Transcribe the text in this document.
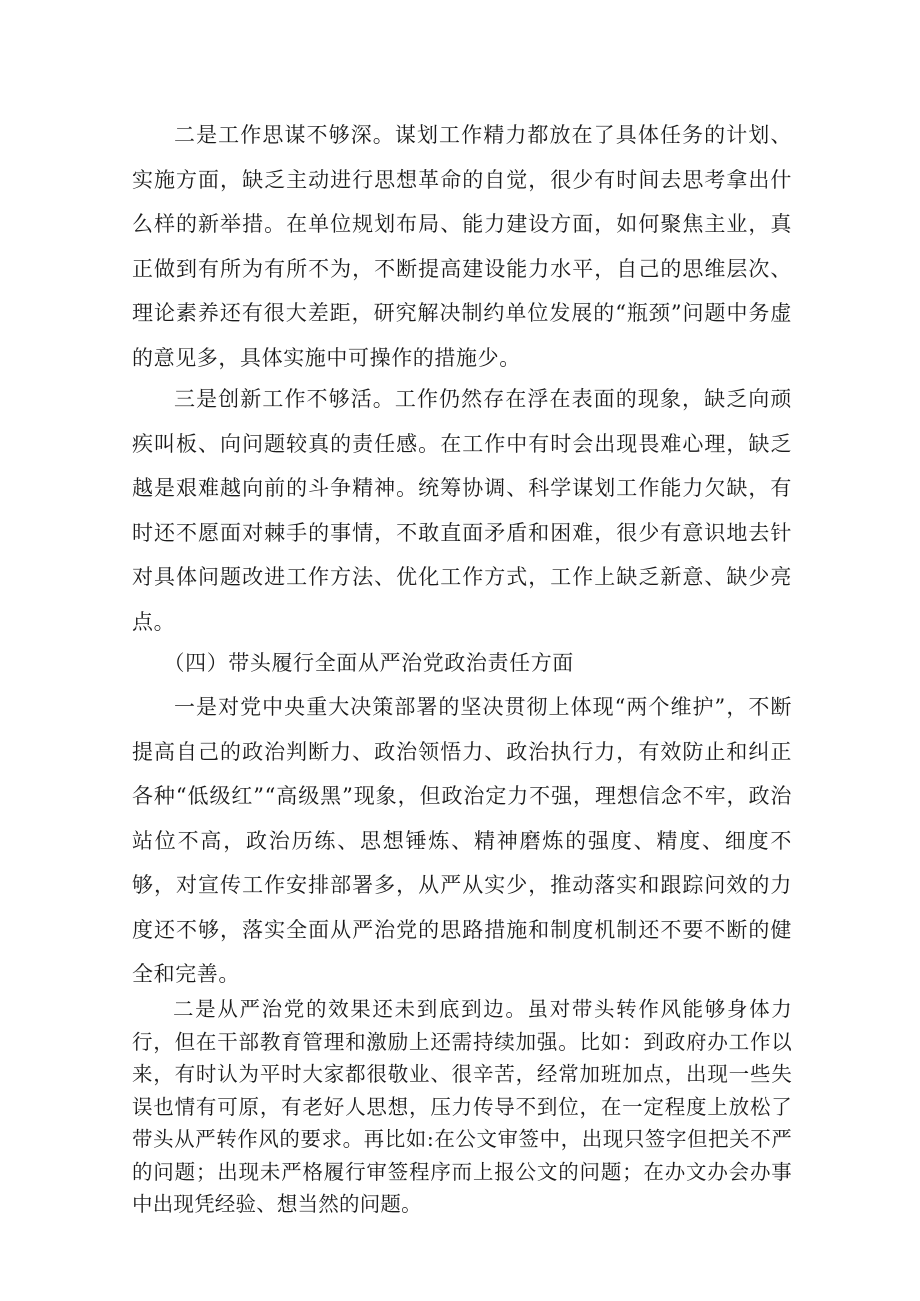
二是工作思谋不够深。谋划工作精力都放在了具体任务的计划、实施方面，缺乏主动进行思想革命的自觉，很少有时间去思考拿出什么样的新举措。在单位规划布局、能力建设方面，如何聚焦主业，真正做到有所为有所不为，不断提高建设能力水平，自己的思维层次、理论素养还有很大差距，研究解决制约单位发展的“瓶颈”问题中务虚的意见多，具体实施中可操作的措施少。

三是创新工作不够活。工作仍然存在浮在表面的现象，缺乏向顽疾叫板、向问题较真的责任感。在工作中有时会出现畏难心理，缺乏越是艰难越向前的斗争精神。统筹协调、科学谋划工作能力欠缺，有时还不愿面对棘手的事情，不敢直面矛盾和困难，很少有意识地去针对具体问题改进工作方法、优化工作方式，工作上缺乏新意、缺少亮点。

（四）带头履行全面从严治党政治责任方面

一是对党中央重大决策部署的坚决贯彻上体现“两个维护”，不断提高自己的政治判断力、政治领悟力、政治执行力，有效防止和纠正各种“低级红”“高级黑”现象，但政治定力不强，理想信念不牢，政治站位不高，政治历练、思想锤炼、精神磨炼的强度、精度、细度不够，对宣传工作安排部署多，从严从实少，推动落实和跟踪问效的力度还不够，落实全面从严治党的思路措施和制度机制还不要不断的健全和完善。

二是从严治党的效果还未到底到边。虽对带头转作风能够身体力行，但在干部教育管理和激励上还需持续加强。比如：到政府办工作以来，有时认为平时大家都很敬业、很辛苦，经常加班加点，出现一些失误也情有可原，有老好人思想，压力传导不到位，在一定程度上放松了带头从严转作风的要求。再比如:在公文审签中，出现只签字但把关不严的问题；出现未严格履行审签程序而上报公文的问题；在办文办会办事中出现凭经验、想当然的问题。
